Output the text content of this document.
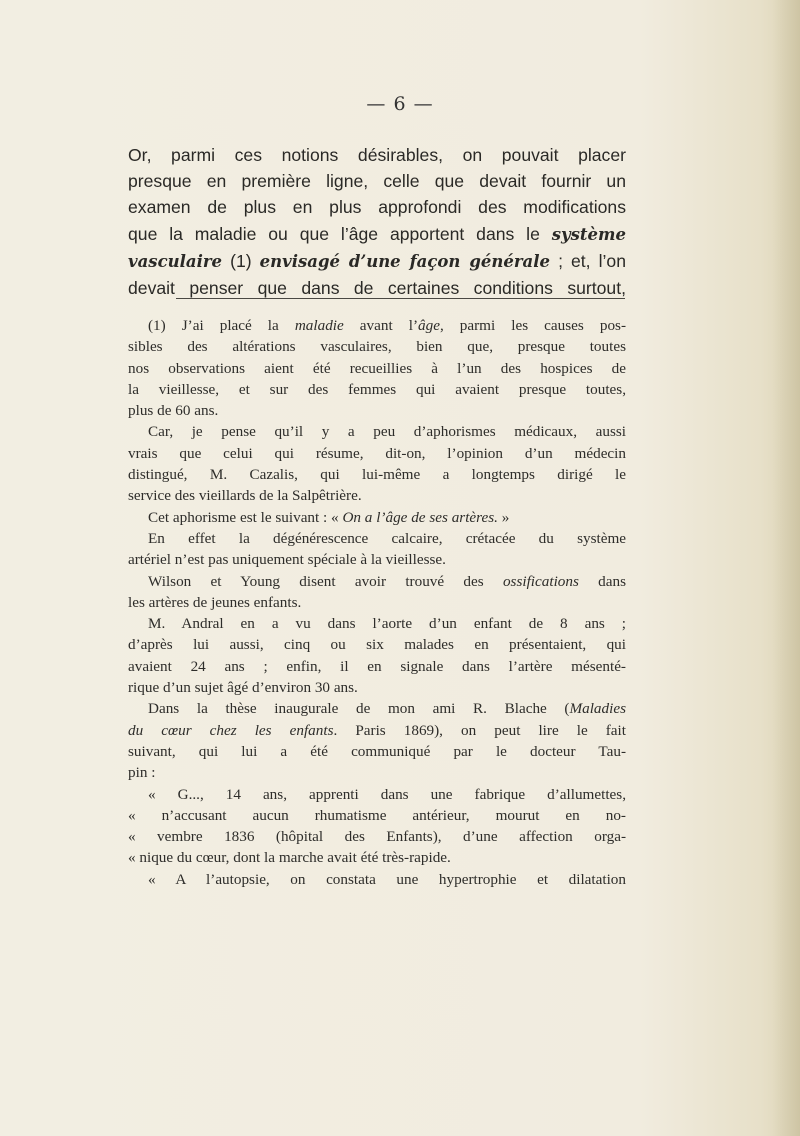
— 6 —
Or, parmi ces notions désirables, on pouvait placer
presque en première ligne, celle que devait fournir un
examen de plus en plus approfondi des modifications
que la maladie ou que l’âge apportent dans le système
vasculaire (1) envisagé d’une façon générale ; et, l’on
devait penser que dans de certaines conditions surtout,
(1) J’ai placé la maladie avant l’âge, parmi les causes pos-
sibles des altérations vasculaires, bien que, presque toutes
nos observations aient été recueillies à l’un des hospices de
la vieillesse, et sur des femmes qui avaient presque toutes,
plus de 60 ans.
Car, je pense qu’il y a peu d’aphorismes médicaux, aussi
vrais que celui qui résume, dit-on, l’opinion d’un médecin
distingué, M. Cazalis, qui lui-même a longtemps dirigé le
service des vieillards de la Salpêtrière.
Cet aphorisme est le suivant : « On a l’âge de ses artères. »
En effet la dégénérescence calcaire, crétacée du système
artériel n’est pas uniquement spéciale à la vieillesse.
Wilson et Young disent avoir trouvé des ossifications dans
les artères de jeunes enfants.
M. Andral en a vu dans l’aorte d’un enfant de 8 ans ;
d’après lui aussi, cinq ou six malades en présentaient, qui
avaient 24 ans ; enfin, il en signale dans l’artère mésenté-
rique d’un sujet âgé d’environ 30 ans.
Dans la thèse inaugurale de mon ami R. Blache (Maladies
du cœur chez les enfants. Paris 1869), on peut lire le fait
suivant, qui lui a été communiqué par le docteur Tau-
pin :
« G..., 14 ans, apprenti dans une fabrique d’allumettes,
« n’accusant aucun rhumatisme antérieur, mourut en no-
« vembre 1836 (hôpital des Enfants), d’une affection orga-
« nique du cœur, dont la marche avait été très-rapide.
« A l’autopsie, on constata une hypertrophie et dilatation
